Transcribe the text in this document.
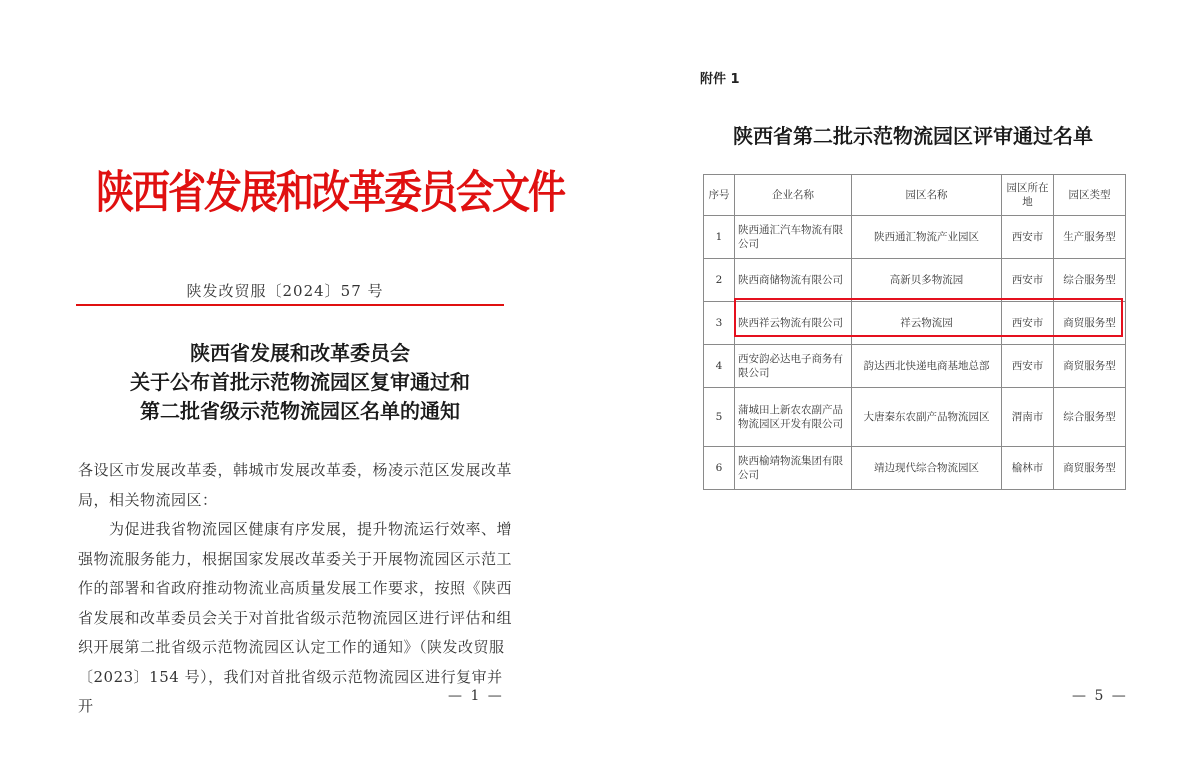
陕西省发展和改革委员会文件
陕发改贸服〔2024〕57 号
陕西省发展和改革委员会
关于公布首批示范物流园区复审通过和
第二批省级示范物流园区名单的通知

各设区市发展改革委，韩城市发展改革委，杨凌示范区发展改革局，相关物流园区：

　　为促进我省物流园区健康有序发展，提升物流运行效率、增强物流服务能力，根据国家发展改革委关于开展物流园区示范工作的部署和省政府推动物流业高质量发展工作要求，按照《陕西省发展和改革委员会关于对首批省级示范物流园区进行评估和组织开展第二批省级示范物流园区认定工作的通知》（陕发改贸服〔2023〕154 号），我们对首批省级示范物流园区进行复审并开

— 1 —
附件 1
陕西省第二批示范物流园区评审通过名单
序号	企业名称	园区名称	园区所在地	园区类型
1	陕西通汇汽车物流有限公司	陕西通汇物流产业园区	西安市	生产服务型
2	陕西商储物流有限公司	高新贝多物流园	西安市	综合服务型
3	陕西祥云物流有限公司	祥云物流园	西安市	商贸服务型
4	西安韵必达电子商务有限公司	韵达西北快递电商基地总部	西安市	商贸服务型
5	蒲城田上新农农副产品物流园区开发有限公司	大唐秦东农副产品物流园区	渭南市	综合服务型
6	陕西榆靖物流集团有限公司	靖边现代综合物流园区	榆林市	商贸服务型
— 5 —
